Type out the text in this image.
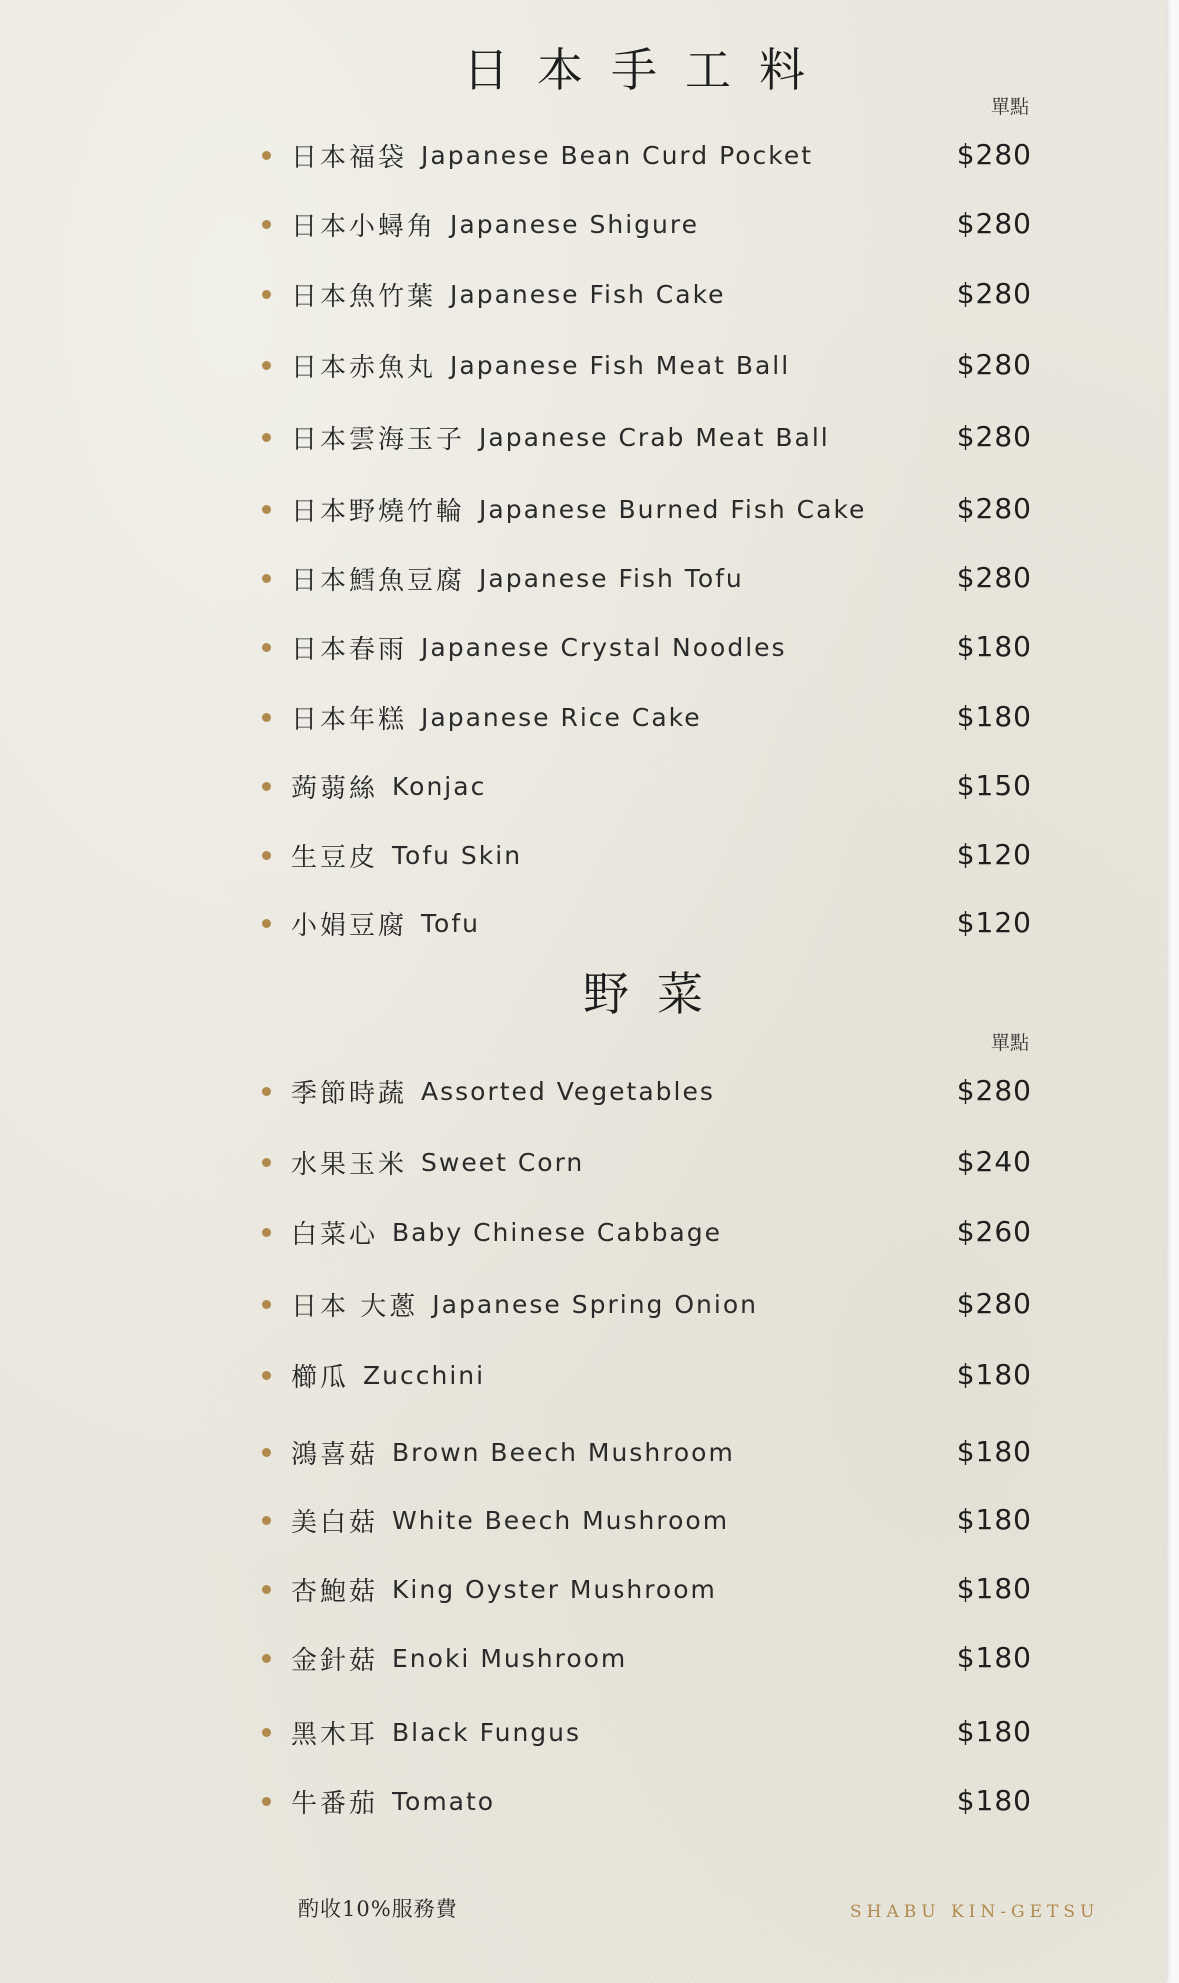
日本手工料
單點
日本福袋 Japanese Bean Curd Pocket	$280
日本小蟳角 Japanese Shigure	$280
日本魚竹葉 Japanese Fish Cake	$280
日本赤魚丸 Japanese Fish Meat Ball	$280
日本雲海玉子 Japanese Crab Meat Ball	$280
日本野燒竹輪 Japanese Burned Fish Cake	$280
日本鱈魚豆腐 Japanese Fish Tofu	$280
日本春雨 Japanese Crystal Noodles	$180
日本年糕 Japanese Rice Cake	$180
蒟蒻絲 Konjac	$150
生豆皮 Tofu Skin	$120
小娟豆腐 Tofu	$120
野菜
單點
季節時蔬 Assorted Vegetables	$280
水果玉米 Sweet Corn	$240
白菜心 Baby Chinese Cabbage	$260
日本 大蔥 Japanese Spring Onion	$280
櫛瓜 Zucchini	$180
鴻喜菇 Brown Beech Mushroom	$180
美白菇 White Beech Mushroom	$180
杏鮑菇 King Oyster Mushroom	$180
金針菇 Enoki Mushroom	$180
黑木耳 Black Fungus	$180
牛番茄 Tomato	$180
酌收10%服務費	SHABU KIN-GETSU
